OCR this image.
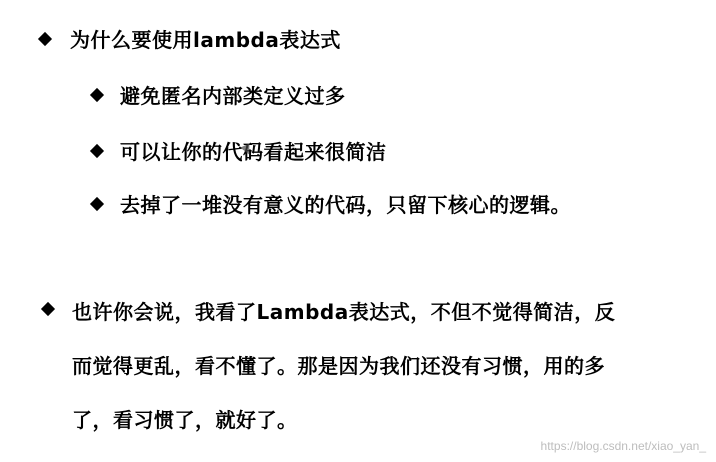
为什么要使用lambda表达式
避免匿名内部类定义过多
可以让你的代码看起来很简洁
去掉了一堆没有意义的代码，只留下核心的逻辑。
也许你会说，我看了Lambda表达式，不但不觉得简洁，反
而觉得更乱，看不懂了。那是因为我们还没有习惯，用的多
了，看习惯了，就好了。
https://blog.csdn.net/xiao_yan_
